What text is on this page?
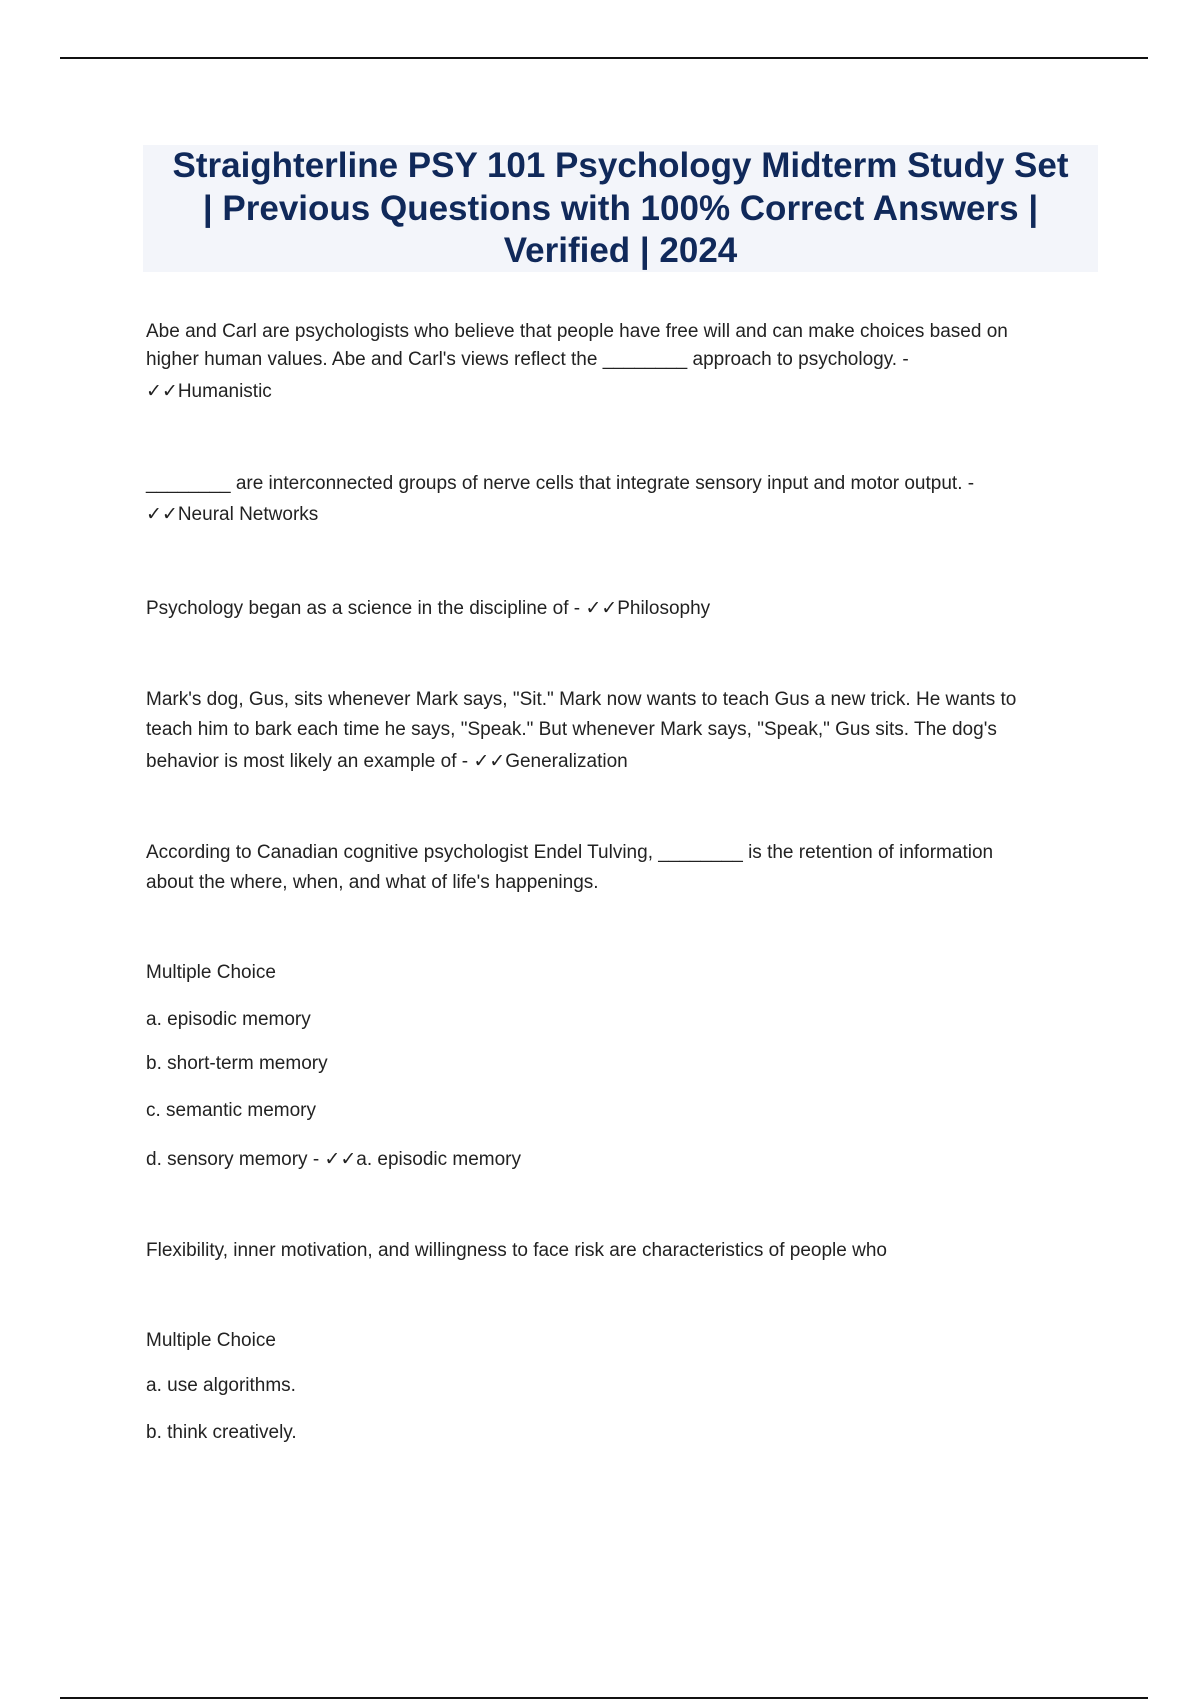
Straighterline PSY 101 Psychology Midterm Study Set
| Previous Questions with 100% Correct Answers |
Verified | 2024
Abe and Carl are psychologists who believe that people have free will and can make choices based on
higher human values. Abe and Carl's views reflect the ________ approach to psychology. -
✓✓Humanistic
________ are interconnected groups of nerve cells that integrate sensory input and motor output. -
✓✓Neural Networks
Psychology began as a science in the discipline of - ✓✓Philosophy
Mark's dog, Gus, sits whenever Mark says, "Sit." Mark now wants to teach Gus a new trick. He wants to
teach him to bark each time he says, "Speak." But whenever Mark says, "Speak," Gus sits. The dog's
behavior is most likely an example of - ✓✓Generalization
According to Canadian cognitive psychologist Endel Tulving, ________ is the retention of information
about the where, when, and what of life's happenings.
Multiple Choice
a. episodic memory
b. short-term memory
c. semantic memory
d. sensory memory - ✓✓a. episodic memory
Flexibility, inner motivation, and willingness to face risk are characteristics of people who
Multiple Choice
a. use algorithms.
b. think creatively.
